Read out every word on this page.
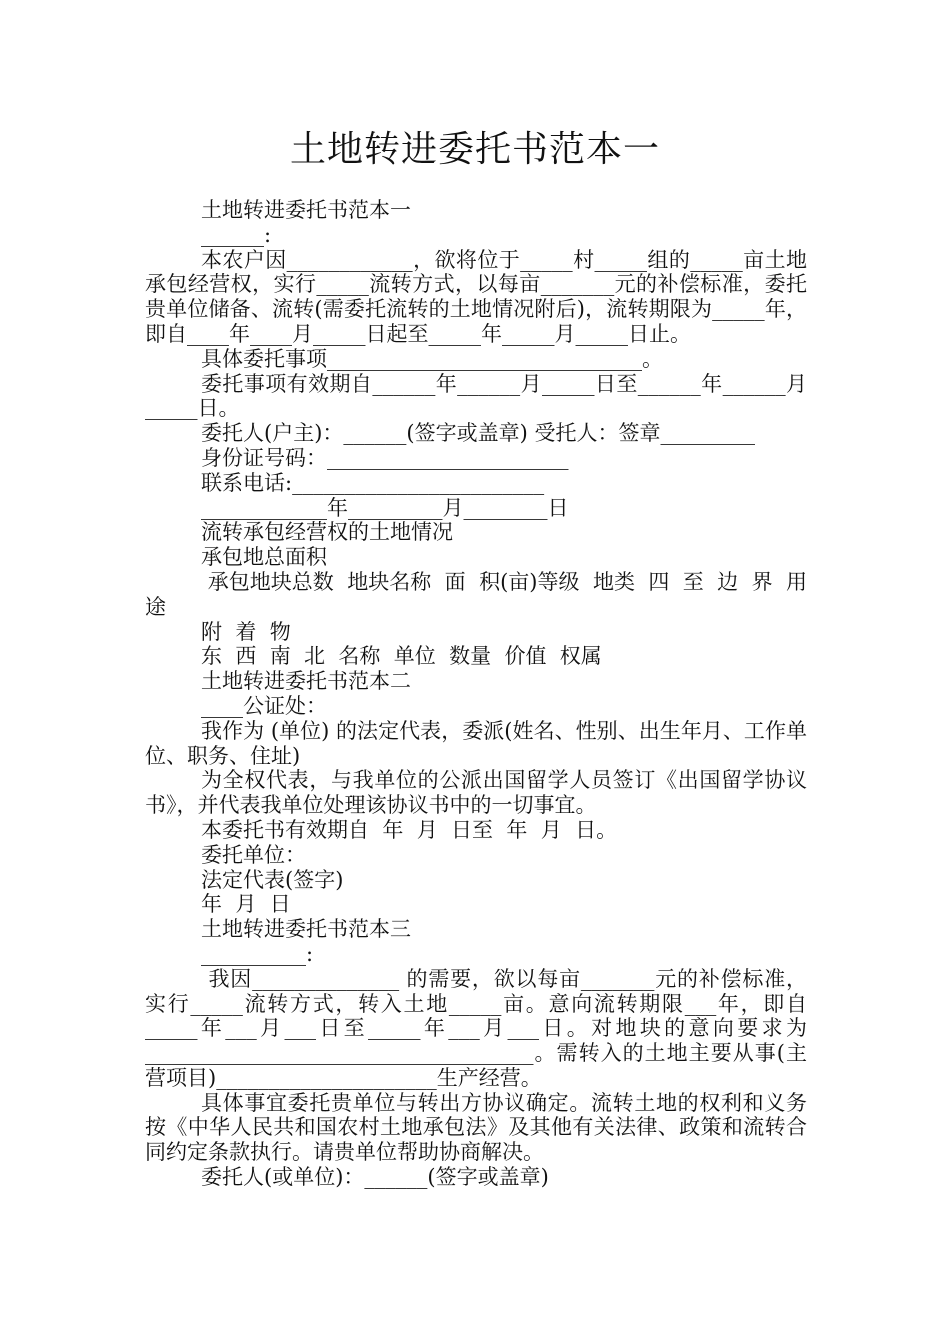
土地转进委托书范本一

土地转进委托书范本一

______:

本农户因____________，欲将位于_____村_____组的_____亩土地承包经营权，实行_____流转方式，以每亩_______元的补偿标准，委托贵单位储备、流转(需委托流转的土地情况附后)，流转期限为_____年，即自____年____月_____日起至_____年_____月_____日止。

具体委托事项______________________________。

委托事项有效期自______年______月_____日至______年______月_____日。

委托人(户主)：______(签字或盖章) 受托人：签章_________

身份证号码：_______________________

联系电话:________________________

____________年_________月________日

流转承包经营权的土地情况

承包地总面积

承包地块总数  地块名称  面  积(亩)等级  地类  四  至  边  界  用  途

附  着  物

东  西  南  北  名称  单位  数量  价值  权属

土地转进委托书范本二

____公证处：

我作为 (单位) 的法定代表，委派(姓名、性别、出生年月、工作单位、职务、住址)

为全权代表，与我单位的公派出国留学人员签订《出国留学协议书》，并代表我单位处理该协议书中的一切事宜。

本委托书有效期自  年  月  日至  年  月  日。

委托单位：

法定代表(签字)

年  月  日

土地转进委托书范本三

__________:

我因______________ 的需要，欲以每亩_______元的补偿标准，实行_____流转方式，转入土地_____亩。意向流转期限___年，即自_____年___月___日至_____年___月___日。对地块的意向要求为_____________________________________。需转入的土地主要从事(主营项目)_____________________生产经营。

具体事宜委托贵单位与转出方协议确定。流转土地的权利和义务按《中华人民共和国农村土地承包法》及其他有关法律、政策和流转合同约定条款执行。请贵单位帮助协商解决。

委托人(或单位)：______(签字或盖章)
